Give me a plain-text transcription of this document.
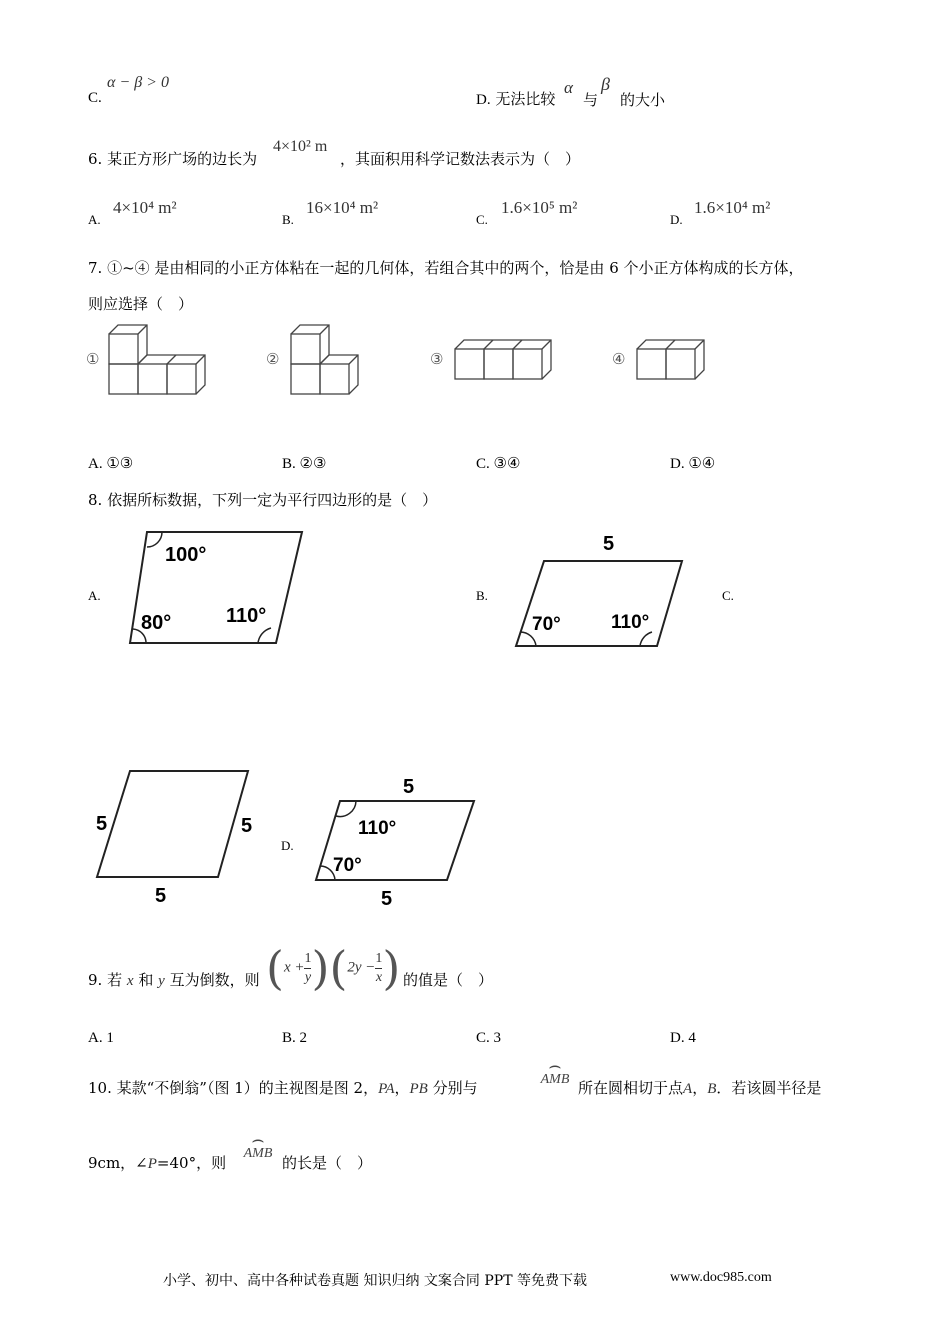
C.
α − β > 0
D. 无法比较
α
与
β
的大小
6. 某正方形广场的边长为
4×10² m
，其面积用科学记数法表示为（　）
A.
4×10⁴ m²
B.
16×10⁴ m²
C.
1.6×10⁵ m²
D.
1.6×10⁴ m²
7. ①~④ 是由相同的小正方体粘在一起的几何体，若组合其中的两个，恰是由 6 个小正方体构成的长方体，
则应选择（　）
①	②	③	④
A. ①③	B. ②③	C. ③④	D. ①④
8. 依据所标数据，下列一定为平行四边形的是（　）
A.	B.	C.
D.
100°
80°	110°
5
70°	110°
5	5
5
5
110°
70°
5
9. 若 x 和 y 互为倒数，则 $(x + \frac{1}{y} )(2y - \frac{1}{x}$ ) 的值是（　）
A. 1	B. 2	C. 3	D. 4
10. 某款“不倒翁”（图 1）的主视图是图 2，PA，PB 分别与
⌢
AMB 所在圆相切于点A，B．若该圆半径是
9cm，∠P=40°，则
⌢
AMB
的长是（　）
小学、初中、高中各种试卷真题 知识归纳 文案合同 PPT 等免费下载	www.doc985.com
